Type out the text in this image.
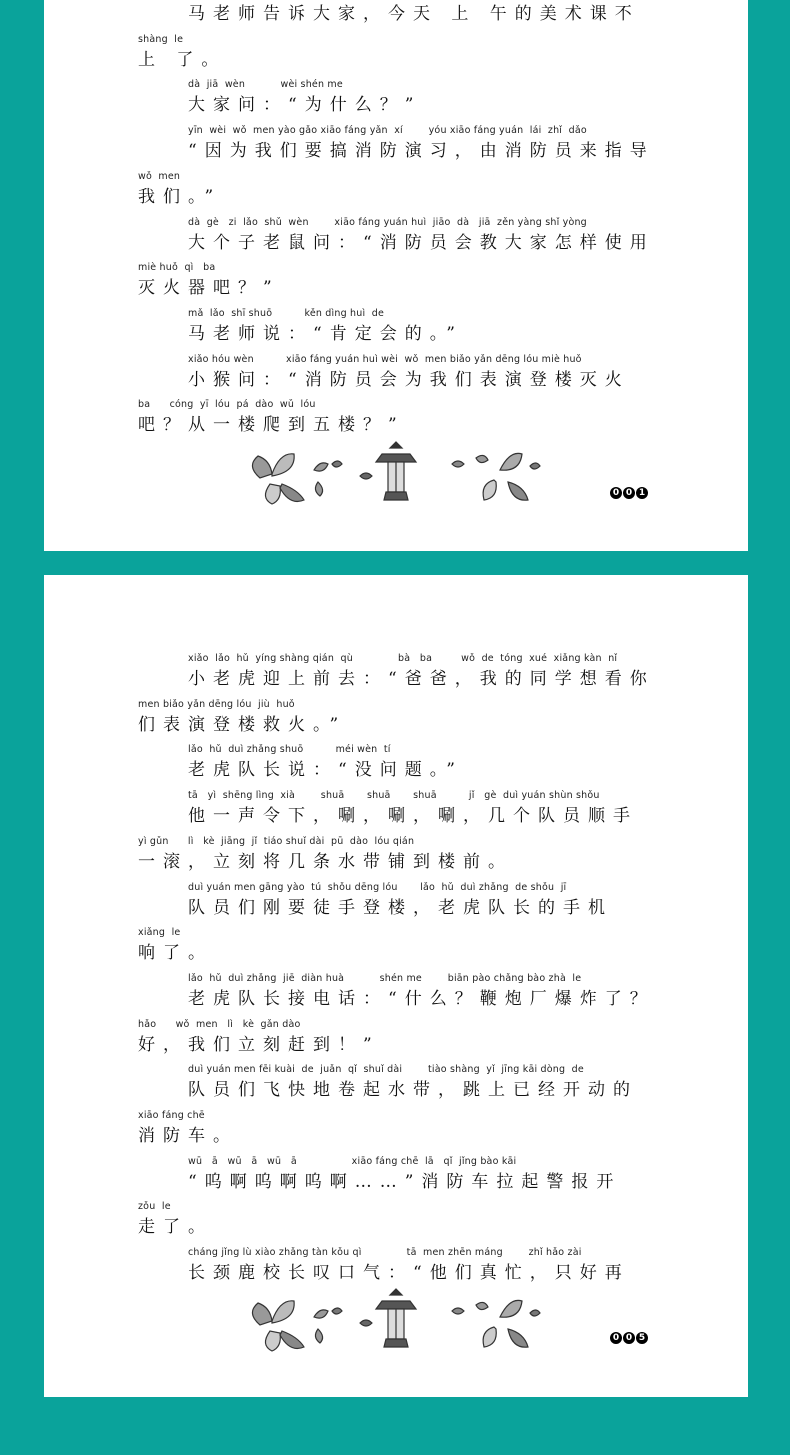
马老师告诉大家，今天 上 午的美术课不
shàng  le
上 了。
dà  jiā  wèn           wèi shén me
大家问：“为什么？”
yīn  wèi  wǒ  men yào gǎo xiāo fáng yǎn  xí        yóu xiāo fáng yuán  lái  zhǐ  dǎo
“因为我们要搞消防演习，由消防员来指导
wǒ  men
我们。”
dà  gè   zi  lǎo  shǔ  wèn        xiāo fáng yuán huì  jiāo  dà   jiā  zěn yàng shǐ yòng
大个子老鼠问：“消防员会教大家怎样使用
miè huǒ  qì   ba
灭火器吧？”
mǎ  lǎo  shī shuō          kěn dìng huì  de
马老师说：“肯定会的。”
xiǎo hóu wèn          xiāo fáng yuán huì wèi  wǒ  men biǎo yǎn dēng lóu miè huǒ
小猴问：“消防员会为我们表演登楼灭火
ba      cóng  yī  lóu  pá  dào  wǔ  lóu
吧？从一楼爬到五楼？”
0 0 1
xiǎo  lǎo  hǔ  yíng shàng qián  qù              bà   ba         wǒ  de  tóng  xué  xiǎng kàn  nǐ
小老虎迎上前去：“爸爸，我的同学想看你
men biǎo yǎn dēng lóu  jiù  huǒ
们表演登楼救火。”
lǎo  hǔ  duì zhǎng shuō          méi wèn  tí
老虎队长说：“没问题。”
tā   yì  shēng lìng  xià        shuā       shuā       shuā          jǐ   gè  duì yuán shùn shǒu
他一声令下，唰，唰，唰，几个队员顺手
yì gǔn      lì   kè  jiāng  jǐ  tiáo shuǐ dài  pū  dào  lóu qián
一滚，立刻将几条水带铺到楼前。
duì yuán men gāng yào  tú  shǒu dēng lóu       lǎo  hǔ  duì zhǎng  de shǒu  jī
队员们刚要徒手登楼，老虎队长的手机
xiǎng  le
响了。
lǎo  hǔ  duì zhǎng  jiē  diàn huà           shén me        biān pào chǎng bào zhà  le
老虎队长接电话：“什么？鞭炮厂爆炸了？
hǎo      wǒ  men   lì   kè  gǎn dào
好，我们立刻赶到！”
duì yuán men fēi kuài  de  juǎn  qǐ  shuǐ dài        tiào shàng  yǐ  jīng kāi dòng  de
队员们飞快地卷起水带，跳上已经开动的
xiāo fáng chē
消防车。
wū   ā   wū   ā   wū   ā                 xiāo fáng chē  lā   qǐ  jǐng bào kāi
“呜啊呜啊呜啊……”消防车拉起警报开
zǒu  le
走了。
cháng jǐng lù xiào zhǎng tàn kǒu qì              tā  men zhēn máng        zhǐ hǎo zài
长颈鹿校长叹口气：“他们真忙，只好再
0 0 5
